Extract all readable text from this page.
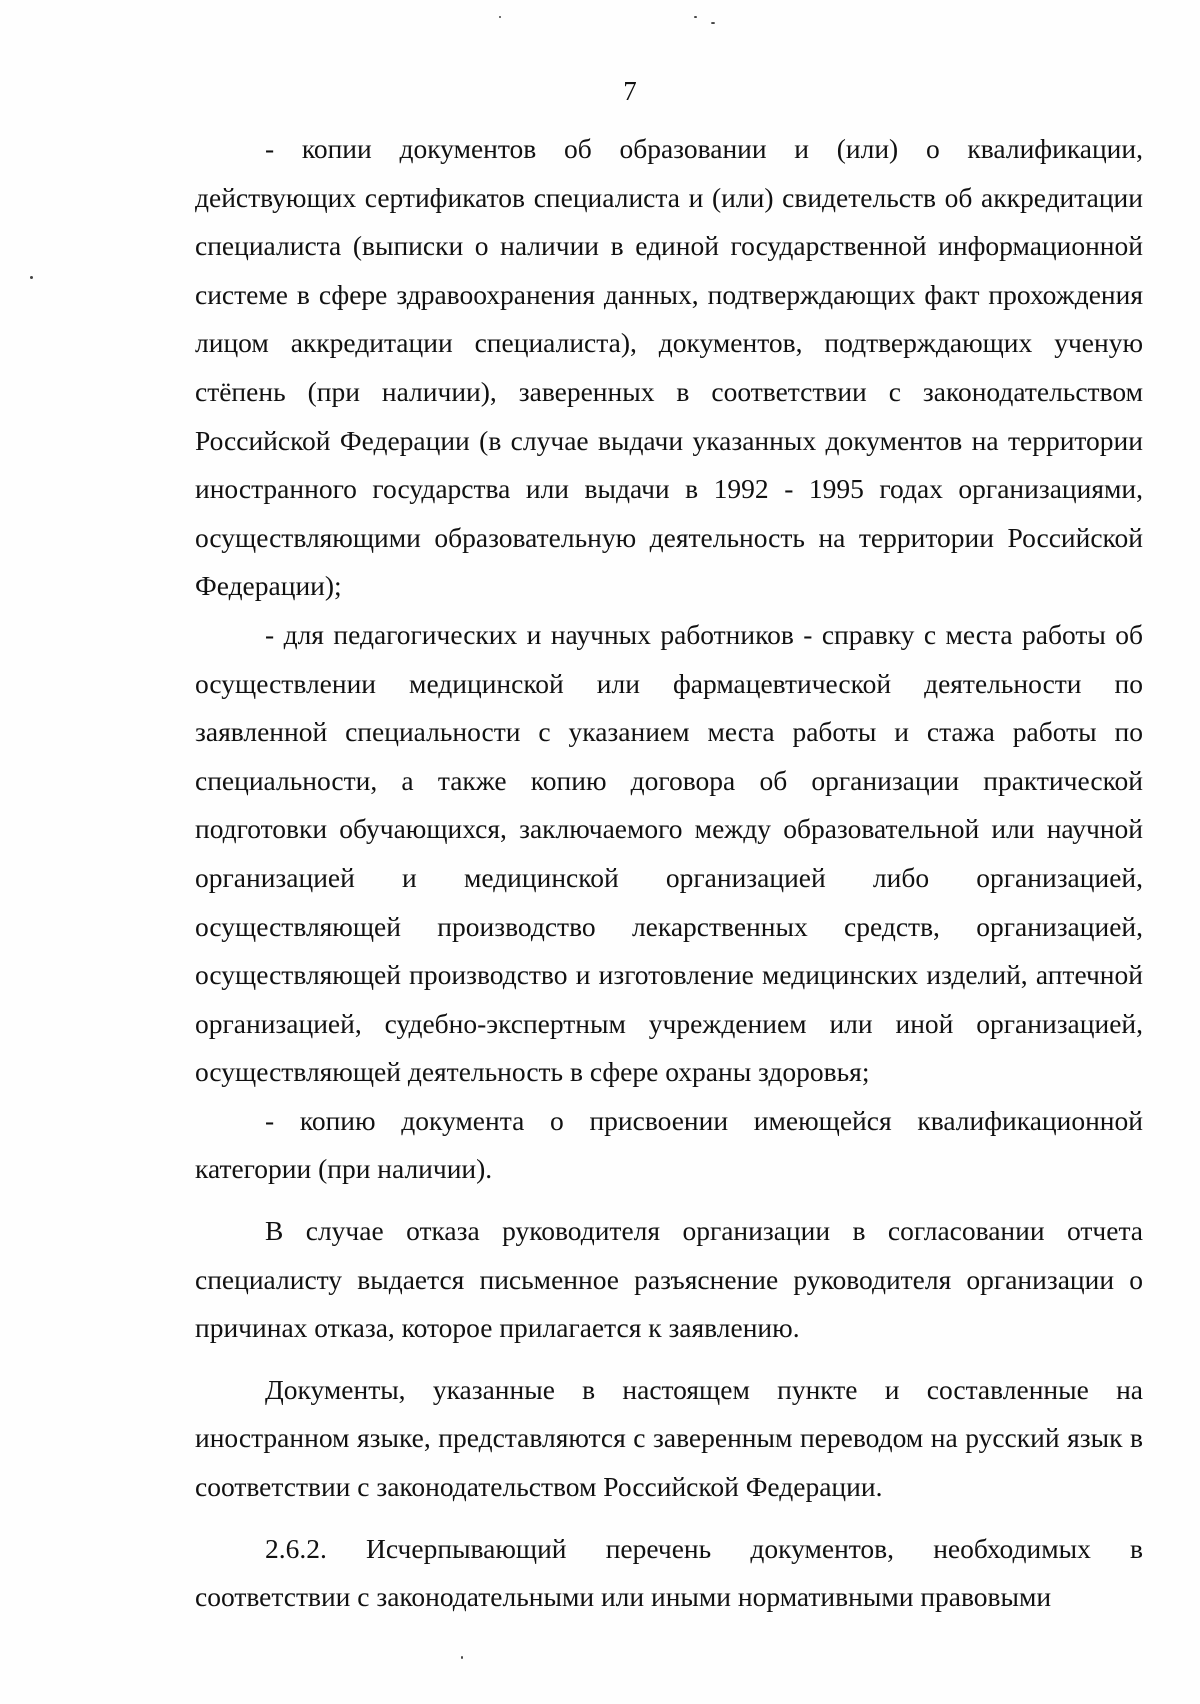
7

- копии документов об образовании и (или) о квалификации, действующих сертификатов специалиста и (или) свидетельств об аккредитации специалиста (выписки о наличии в единой государственной информационной системе в сфере здравоохранения данных, подтверждающих факт прохождения лицом аккредитации специалиста), документов, подтверждающих ученую стёпень (при наличии), заверенных в соответствии с законодательством Российской Федерации (в случае выдачи указанных документов на территории иностранного государства или выдачи в 1992 - 1995 годах организациями, осуществляющими образовательную деятельность на территории Российской Федерации);

- для педагогических и научных работников - справку с места работы об осуществлении медицинской или фармацевтической деятельности по заявленной специальности с указанием места работы и стажа работы по специальности, а также копию договора об организации практической подготовки обучающихся, заключаемого между образовательной или научной организацией и медицинской организацией либо организацией, осуществляющей производство лекарственных средств, организацией, осуществляющей производство и изготовление медицинских изделий, аптечной организацией, судебно-экспертным учреждением или иной организацией, осуществляющей деятельность в сфере охраны здоровья;

- копию документа о присвоении имеющейся квалификационной категории (при наличии).

В случае отказа руководителя организации в согласовании отчета специалисту выдается письменное разъяснение руководителя организации о причинах отказа, которое прилагается к заявлению.

Документы, указанные в настоящем пункте и составленные на иностранном языке, представляются с заверенным переводом на русский язык в соответствии с законодательством Российской Федерации.

2.6.2. Исчерпывающий перечень документов, необходимых в соответствии с законодательными или иными нормативными правовыми
